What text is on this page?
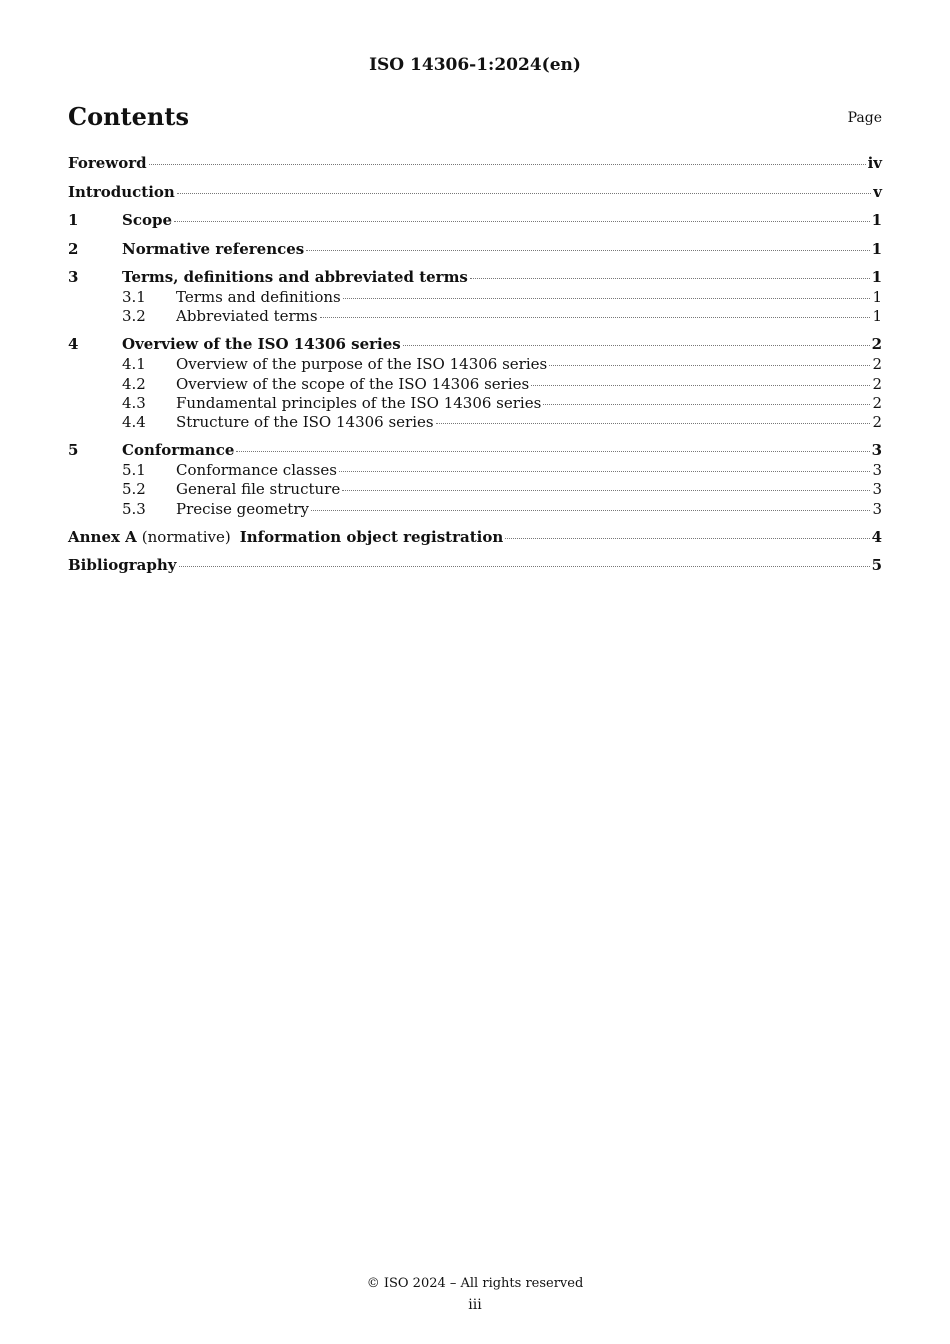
ISO 14306-1:2024(en)
Contents	Page
Foreword	iv
Introduction	v
1	Scope	1
2	Normative references	1
3	Terms, definitions and abbreviated terms	1
3.1	Terms and definitions	1
3.2	Abbreviated terms	1
4	Overview of the ISO 14306 series	2
4.1	Overview of the purpose of the ISO 14306 series	2
4.2	Overview of the scope of the ISO 14306 series	2
4.3	Fundamental principles of the ISO 14306 series	2
4.4	Structure of the ISO 14306 series	2
5	Conformance	3
5.1	Conformance classes	3
5.2	General file structure	3
5.3	Precise geometry	3
Annex A (normative) Information object registration	4
Bibliography	5
© ISO 2024 – All rights reserved
iii
